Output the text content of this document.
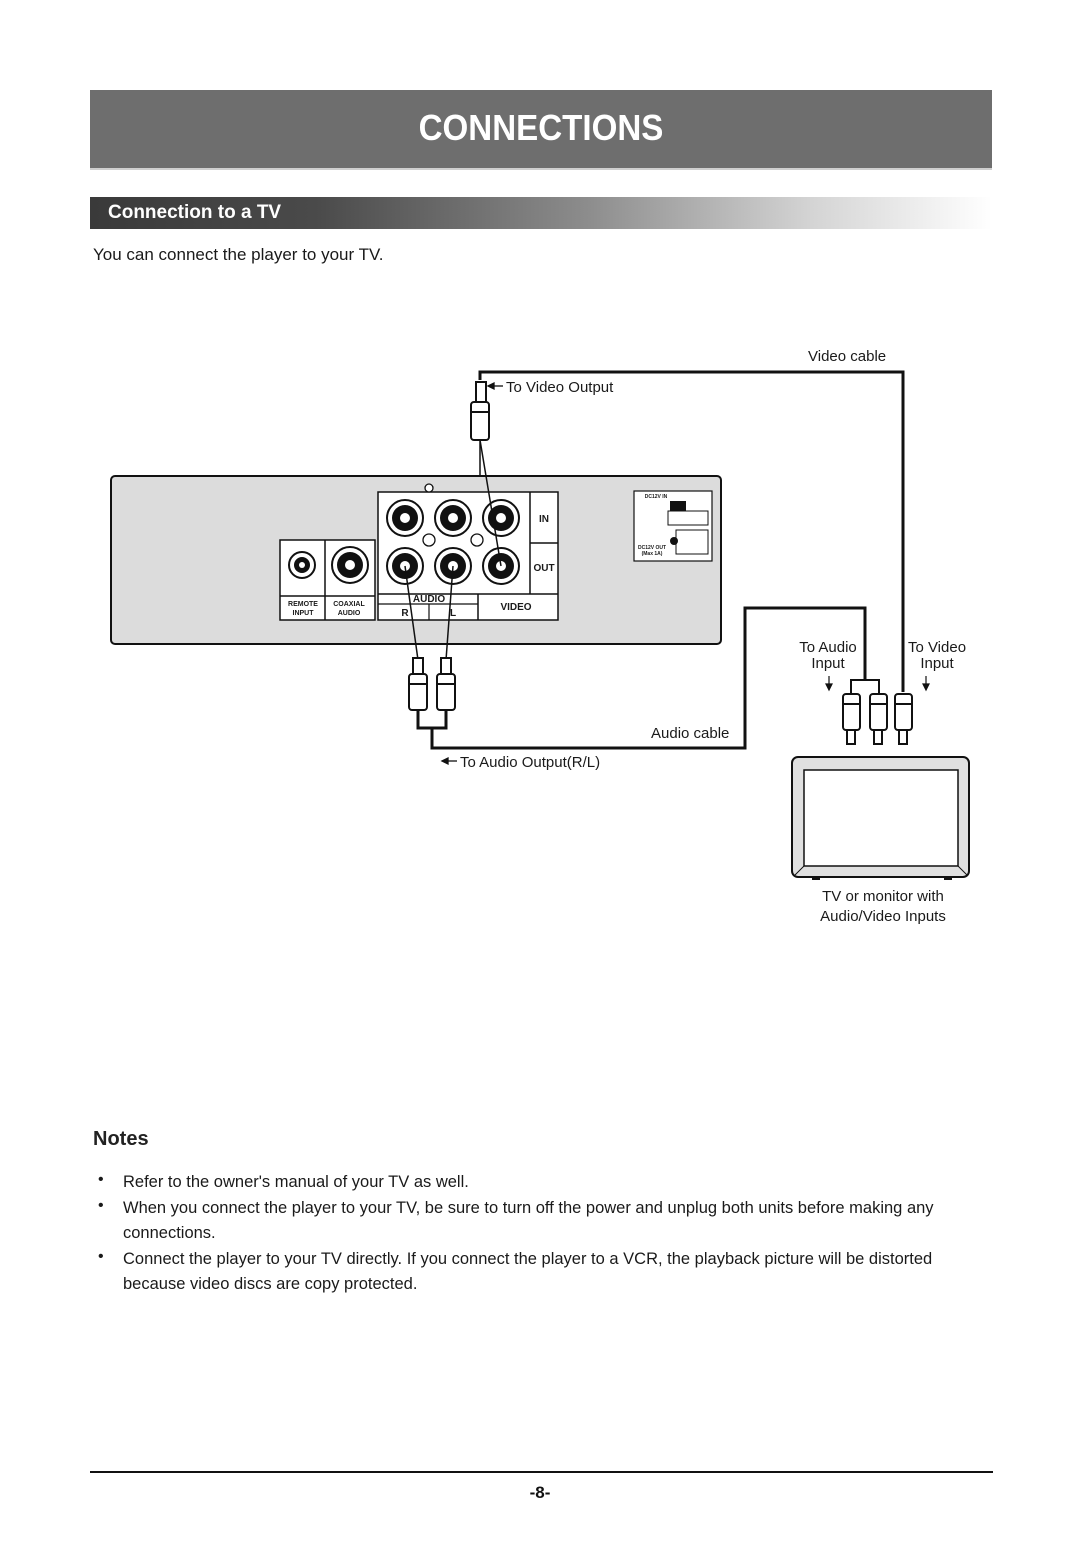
CONNECTIONS
Connection to a TV
You can connect the player to your TV.
Video cable
To Video Output
REMOTE
INPUT
COAXIAL
AUDIO
IN
OUT
AUDIO
R	L
VIDEO
DC12V IN
DC12V OUT
(Max 1A)
Audio cable
To Audio Output(R/L)
To Audio
Input
To Video
Input
TV or monitor with
Audio/Video Inputs
Notes
• Refer to the owner's manual of your TV as well.
• When you connect the player to your TV, be sure to turn off the power and unplug both units before making any connections.
• Connect the player to your TV directly. If you connect the player to a VCR, the playback picture will be distorted because video discs are copy protected.
-8-
